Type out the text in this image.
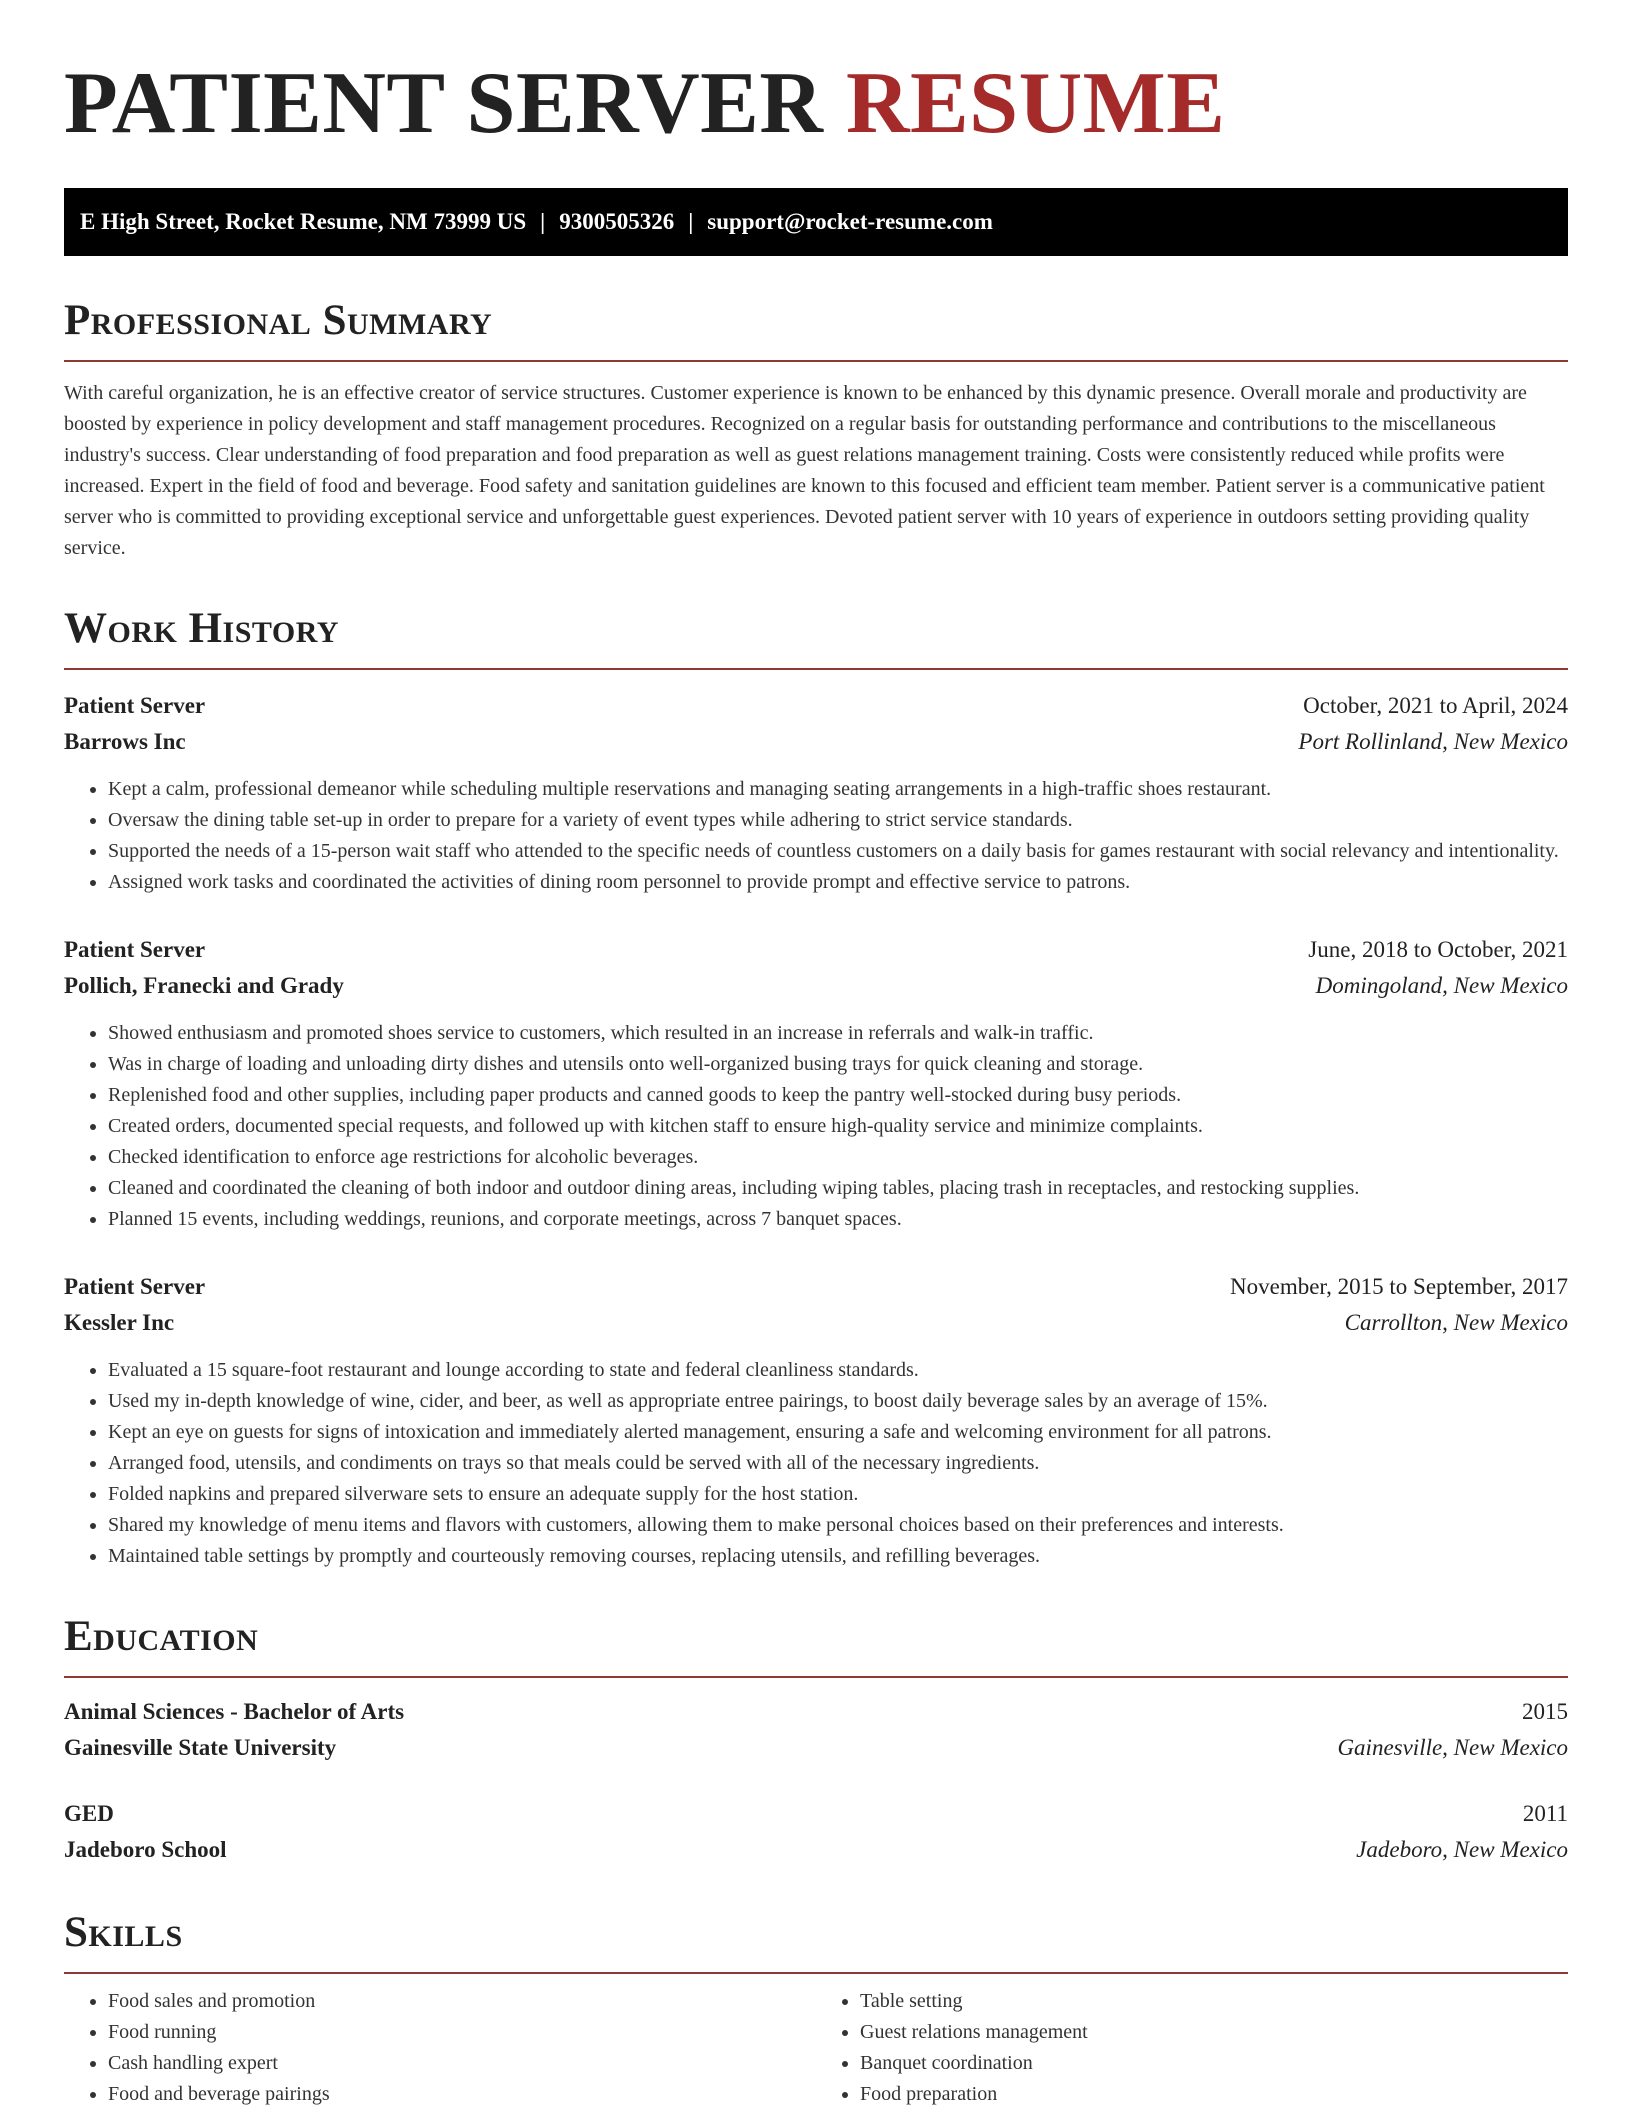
PATIENT SERVER RESUME
E High Street, Rocket Resume, NM 73999 US | 9300505326 | support@rocket-resume.com
Professional Summary

With careful organization, he is an effective creator of service structures. Customer experience is known to be enhanced by this dynamic presence. Overall morale and productivity are boosted by experience in policy development and staff management procedures. Recognized on a regular basis for outstanding performance and contributions to the miscellaneous industry's success. Clear understanding of food preparation and food preparation as well as guest relations management training. Costs were consistently reduced while profits were increased. Expert in the field of food and beverage. Food safety and sanitation guidelines are known to this focused and efficient team member. Patient server is a communicative patient server who is committed to providing exceptional service and unforgettable guest experiences. Devoted patient server with 10 years of experience in outdoors setting providing quality service.

Work History
Patient Server	October, 2021 to April, 2024
Barrows Inc	Port Rollinland, New Mexico
• Kept a calm, professional demeanor while scheduling multiple reservations and managing seating arrangements in a high-traffic shoes restaurant.
• Oversaw the dining table set-up in order to prepare for a variety of event types while adhering to strict service standards.
• Supported the needs of a 15-person wait staff who attended to the specific needs of countless customers on a daily basis for games restaurant with social relevancy and intentionality.
• Assigned work tasks and coordinated the activities of dining room personnel to provide prompt and effective service to patrons.
Patient Server	June, 2018 to October, 2021
Pollich, Franecki and Grady	Domingoland, New Mexico
• Showed enthusiasm and promoted shoes service to customers, which resulted in an increase in referrals and walk-in traffic.
• Was in charge of loading and unloading dirty dishes and utensils onto well-organized busing trays for quick cleaning and storage.
• Replenished food and other supplies, including paper products and canned goods to keep the pantry well-stocked during busy periods.
• Created orders, documented special requests, and followed up with kitchen staff to ensure high-quality service and minimize complaints.
• Checked identification to enforce age restrictions for alcoholic beverages.
• Cleaned and coordinated the cleaning of both indoor and outdoor dining areas, including wiping tables, placing trash in receptacles, and restocking supplies.
• Planned 15 events, including weddings, reunions, and corporate meetings, across 7 banquet spaces.
Patient Server	November, 2015 to September, 2017
Kessler Inc	Carrollton, New Mexico
• Evaluated a 15 square-foot restaurant and lounge according to state and federal cleanliness standards.
• Used my in-depth knowledge of wine, cider, and beer, as well as appropriate entree pairings, to boost daily beverage sales by an average of 15%.
• Kept an eye on guests for signs of intoxication and immediately alerted management, ensuring a safe and welcoming environment for all patrons.
• Arranged food, utensils, and condiments on trays so that meals could be served with all of the necessary ingredients.
• Folded napkins and prepared silverware sets to ensure an adequate supply for the host station.
• Shared my knowledge of menu items and flavors with customers, allowing them to make personal choices based on their preferences and interests.
• Maintained table settings by promptly and courteously removing courses, replacing utensils, and refilling beverages.
Education
Animal Sciences - Bachelor of Arts	2015
Gainesville State University	Gainesville, New Mexico
GED	2011
Jadeboro School	Jadeboro, New Mexico
Skills
• Food sales and promotion
• Food running
• Cash handling expert
• Food and beverage pairings
• Table setting
• Guest relations management
• Banquet coordination
• Food preparation
